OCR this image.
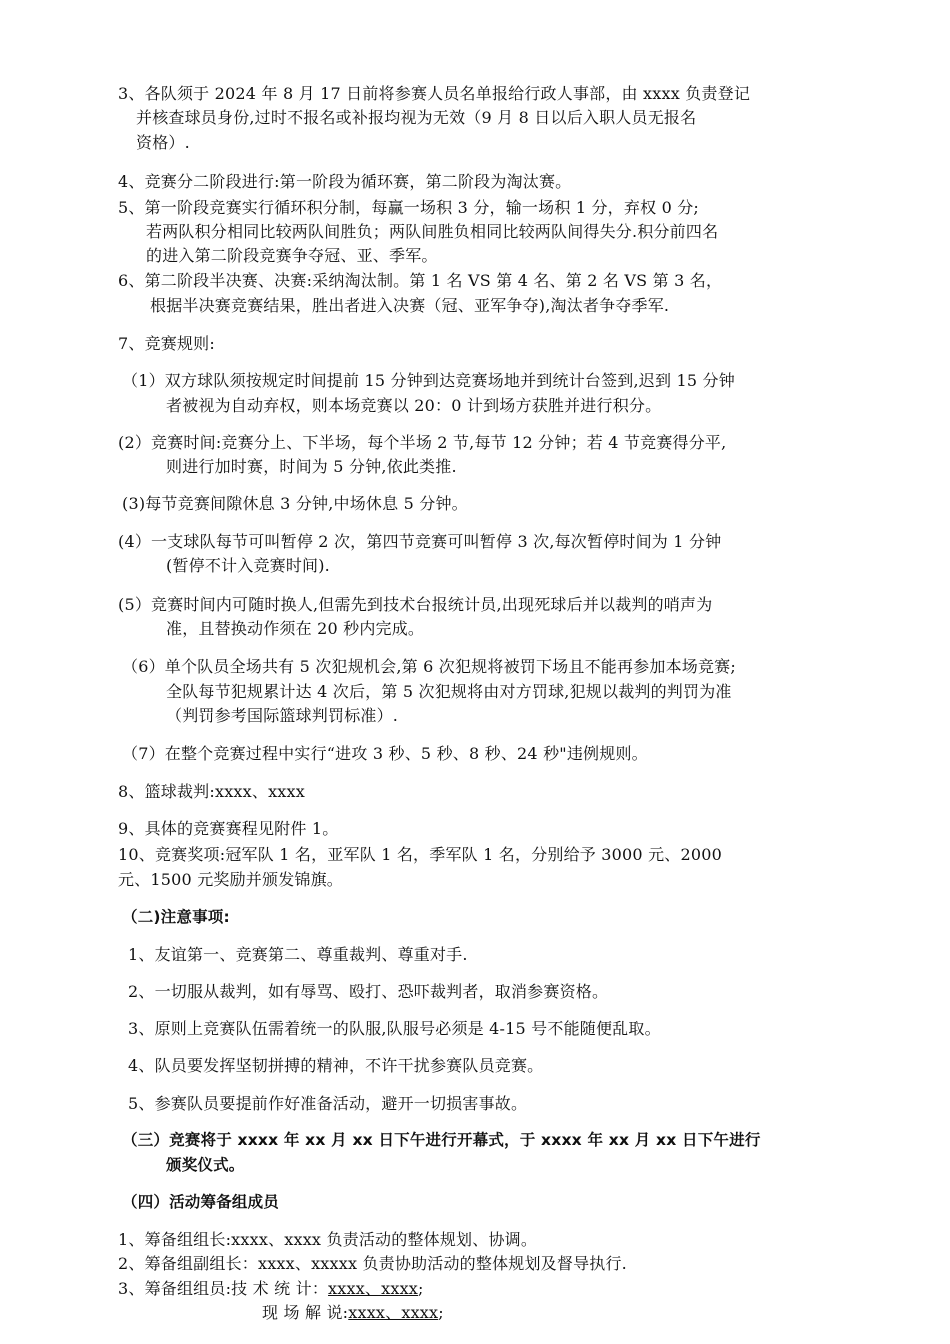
3、各队须于 2024 年 8 月 17 日前将参赛人员名单报给行政人事部，由 xxxx 负责登记
并核查球员身份,过时不报名或补报均视为无效（9 月 8 日以后入职人员无报名
资格）.
4、竞赛分二阶段进行:第一阶段为循环赛，第二阶段为淘汰赛。
5、第一阶段竞赛实行循环积分制，每赢一场积 3 分，输一场积 1 分，弃权 0 分;
若两队积分相同比较两队间胜负；两队间胜负相同比较两队间得失分.积分前四名
的进入第二阶段竞赛争夺冠、亚、季军。
6、第二阶段半决赛、决赛:采纳淘汰制。第 1 名 VS 第 4 名、第 2 名 VS 第 3 名，
根据半决赛竞赛结果，胜出者进入决赛（冠、亚军争夺),淘汰者争夺季军.
7、竞赛规则:
（1）双方球队须按规定时间提前 15 分钟到达竞赛场地并到统计台签到,迟到 15 分钟
者被视为自动弃权，则本场竞赛以 20：0 计到场方获胜并进行积分。
(2）竞赛时间:竞赛分上、下半场，每个半场 2 节,每节 12 分钟；若 4 节竞赛得分平,
则进行加时赛，时间为 5 分钟,依此类推.
(3)每节竞赛间隙休息 3 分钟,中场休息 5 分钟。
(4）一支球队每节可叫暂停 2 次，第四节竞赛可叫暂停 3 次,每次暂停时间为 1 分钟
(暂停不计入竞赛时间).
(5）竞赛时间内可随时换人,但需先到技术台报统计员,出现死球后并以裁判的哨声为
准，且替换动作须在 20 秒内完成。
（6）单个队员全场共有 5 次犯规机会,第 6 次犯规将被罚下场且不能再参加本场竞赛;
全队每节犯规累计达 4 次后，第 5 次犯规将由对方罚球,犯规以裁判的判罚为准
（判罚参考国际篮球判罚标准）.
（7）在整个竞赛过程中实行“进攻 3 秒、5 秒、8 秒、24 秒"违例规则。
8、篮球裁判:xxxx、xxxx
9、具体的竞赛赛程见附件 1。
10、竞赛奖项:冠军队 1 名，亚军队 1 名，季军队 1 名，分别给予 3000 元、2000
元、1500 元奖励并颁发锦旗。
（二)注意事项:
1、友谊第一、竞赛第二、尊重裁判、尊重对手.
2、一切服从裁判，如有辱骂、殴打、恐吓裁判者，取消参赛资格。
3、原则上竞赛队伍需着统一的队服,队服号必须是 4-15 号不能随便乱取。
4、队员要发挥坚韧拼搏的精神，不许干扰参赛队员竞赛。
5、参赛队员要提前作好准备活动，避开一切损害事故。
（三）竞赛将于 xxxx 年 xx 月 xx 日下午进行开幕式，于 xxxx 年 xx 月 xx 日下午进行
颁奖仪式。
（四）活动筹备组成员
1、筹备组组长:xxxx、xxxx 负责活动的整体规划、协调。
2、筹备组副组长：xxxx、xxxxx 负责协助活动的整体规划及督导执行.
3、筹备组组员:技 术 统 计：xxxx、xxxx;
现 场 解 说:xxxx、xxxx;
